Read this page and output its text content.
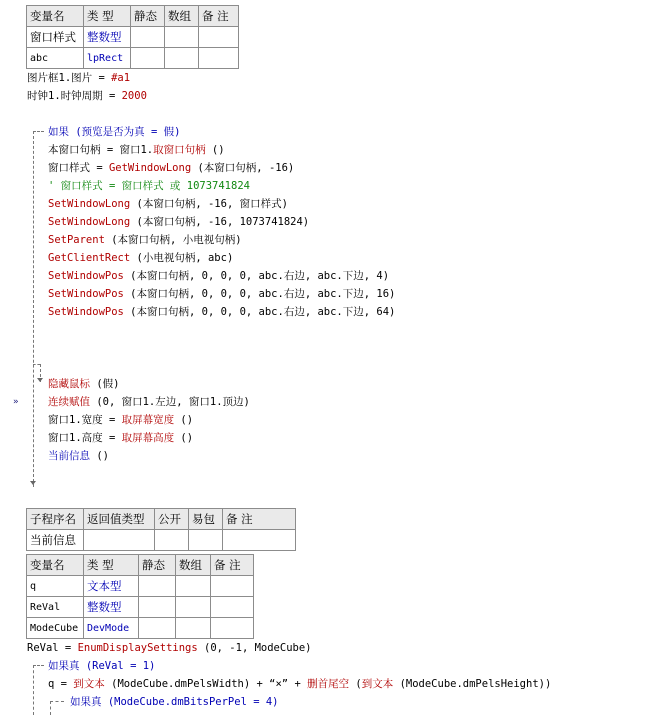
变量名	类 型	静态	数组	备 注
窗口样式	整数型			
abc	lpRect			
图片框1.图片 = #a1
时钟1.时钟周期 = 2000
如果 (预览是否为真 = 假)
本窗口句柄 = 窗口1.取窗口句柄 ()
窗口样式 = GetWindowLong (本窗口句柄, -16)
' 窗口样式 = 窗口样式 或 1073741824
SetWindowLong (本窗口句柄, -16, 窗口样式)
SetWindowLong (本窗口句柄, -16, 1073741824)
SetParent (本窗口句柄, 小电视句柄)
GetClientRect (小电视句柄, abc)
SetWindowPos (本窗口句柄, 0, 0, 0, abc.右边, abc.下边, 4)
SetWindowPos (本窗口句柄, 0, 0, 0, abc.右边, abc.下边, 16)
SetWindowPos (本窗口句柄, 0, 0, 0, abc.右边, abc.下边, 64)
隐藏鼠标 (假)
»	连续赋值 (0, 窗口1.左边, 窗口1.顶边)
窗口1.宽度 = 取屏幕宽度 ()
窗口1.高度 = 取屏幕高度 ()
当前信息 ()
子程序名	返回值类型	公开	易包	备 注
当前信息				
变量名	类 型	静态	数组	备 注
q	文本型			
ReVal	整数型			
ModeCube	DevMode			
ReVal = EnumDisplaySettings (0, -1, ModeCube)
如果真 (ReVal = 1)
q = 到文本 (ModeCube.dmPelsWidth) + “×” + 删首尾空 (到文本 (ModeCube.dmPelsHeight))
如果真 (ModeCube.dmBitsPerPel = 4)
